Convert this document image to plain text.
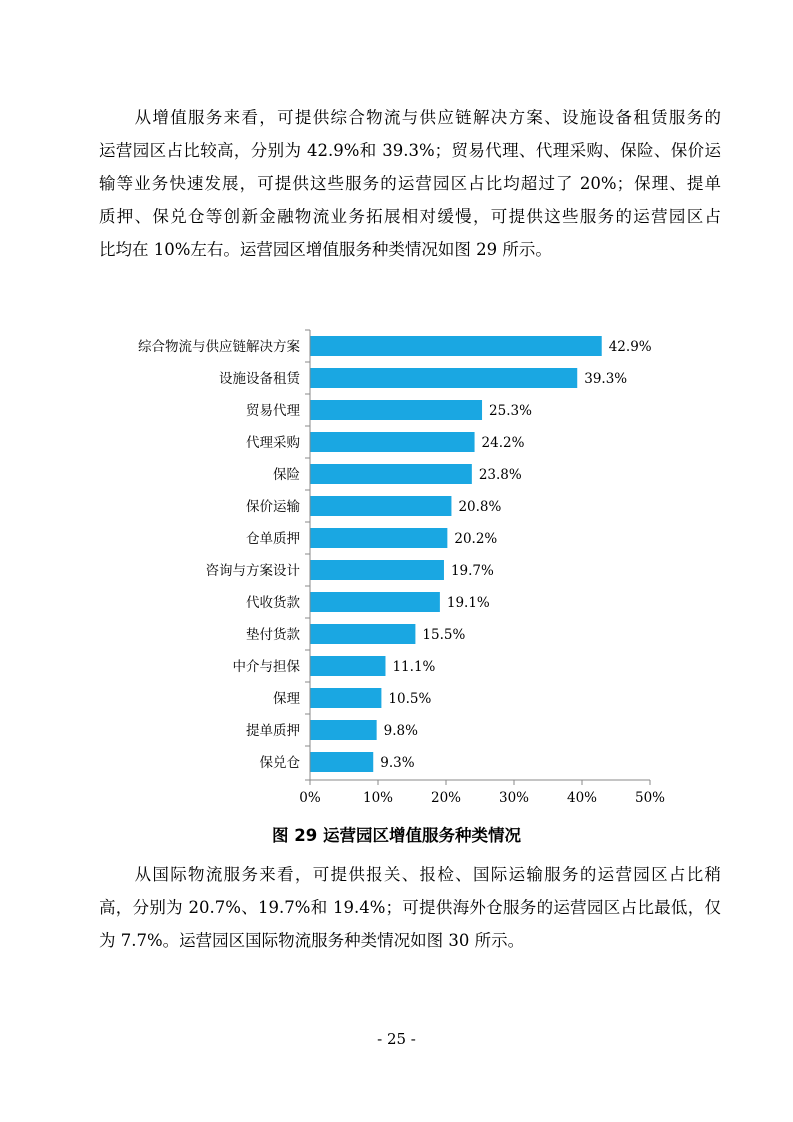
　　从增值服务来看，可提供综合物流与供应链解决方案、设施设备租赁服务的
运营园区占比较高，分别为 42.9%和 39.3%；贸易代理、代理采购、保险、保价运
输等业务快速发展，可提供这些服务的运营园区占比均超过了 20%；保理、提单
质押、保兑仓等创新金融物流业务拓展相对缓慢，可提供这些服务的运营园区占
比均在 10%左右。运营园区增值服务种类情况如图 29 所示。
综合物流与供应链解决方案	42.9%
设施设备租赁	39.3%
贸易代理	25.3%
代理采购	24.2%
保险	23.8%
保价运输	20.8%
仓单质押	20.2%
咨询与方案设计	19.7%
代收货款	19.1%
垫付货款	15.5%
中介与担保	11.1%
保理	10.5%
提单质押	9.8%
保兑仓	9.3%
0%	10%	20%	30%	40%	50%
图 29 运营园区增值服务种类情况
　　从国际物流服务来看，可提供报关、报检、国际运输服务的运营园区占比稍
高，分别为 20.7%、19.7%和 19.4%；可提供海外仓服务的运营园区占比最低，仅
为 7.7%。运营园区国际物流服务种类情况如图 30 所示。
- 25 -
